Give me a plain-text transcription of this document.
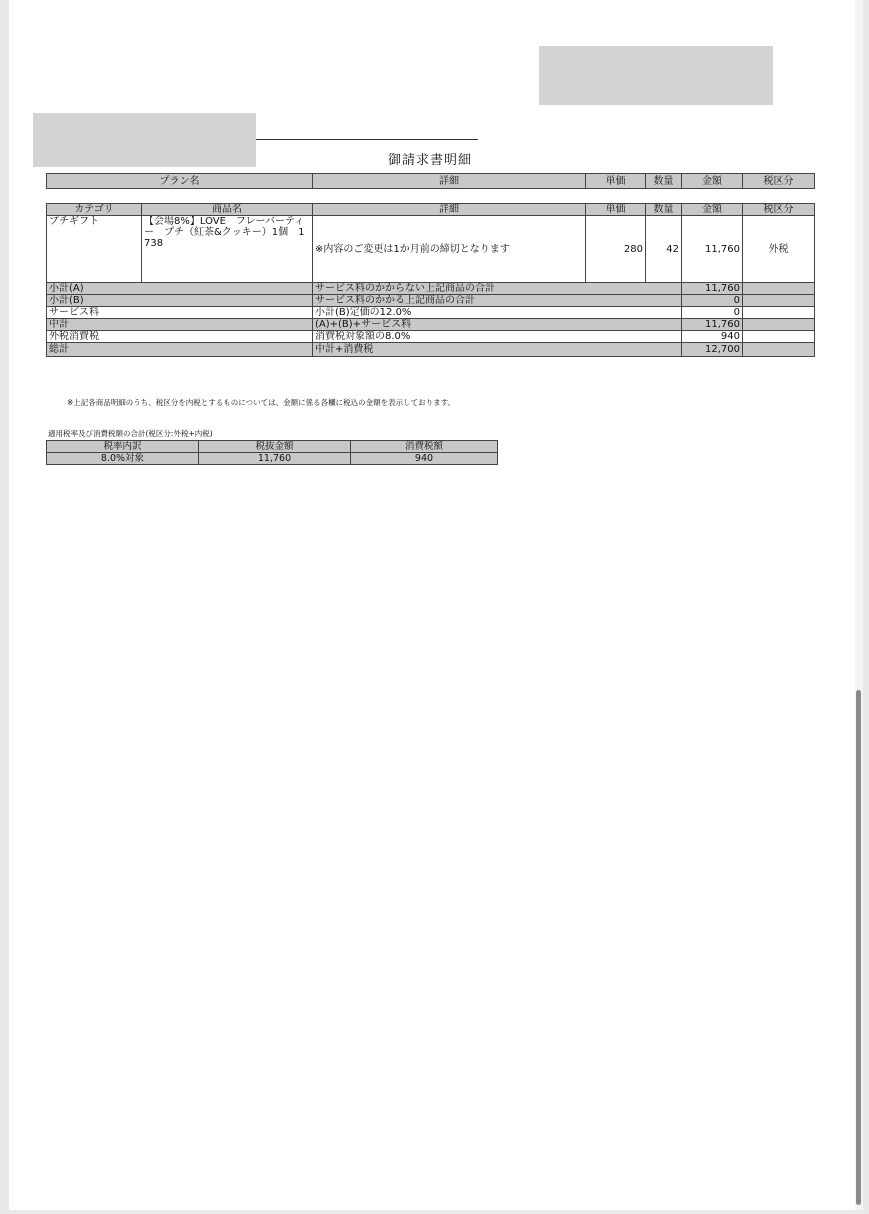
御請求書明細
プラン名	詳細	単価	数量	金額	税区分
カテゴリ	商品名	詳細	単価	数量	金額	税区分
プチギフト	【会場8%】LOVE　フレーバーティー　プチ（紅茶&クッキー）1個　1738	※内容のご変更は1か月前の締切となります	280	42	11,760	外税
小計(A)		サービス料のかからない上記商品の合計			11,760	
小計(B)		サービス料のかかる上記商品の合計			0	
サービス料		小計(B)定価の12.0%			0	
中計		(A)+(B)+サービス料			11,760	
外税消費税		消費税対象額の8.0%			940	
総計		中計+消費税			12,700	
※上記各商品明細のうち、税区分を内税とするものについては、金額に係る各欄に税込の金額を表示しております。
適用税率及び消費税額の合計(税区分:外税+内税)
税率内訳	税抜金額	消費税額
8.0%対象	11,760	940
